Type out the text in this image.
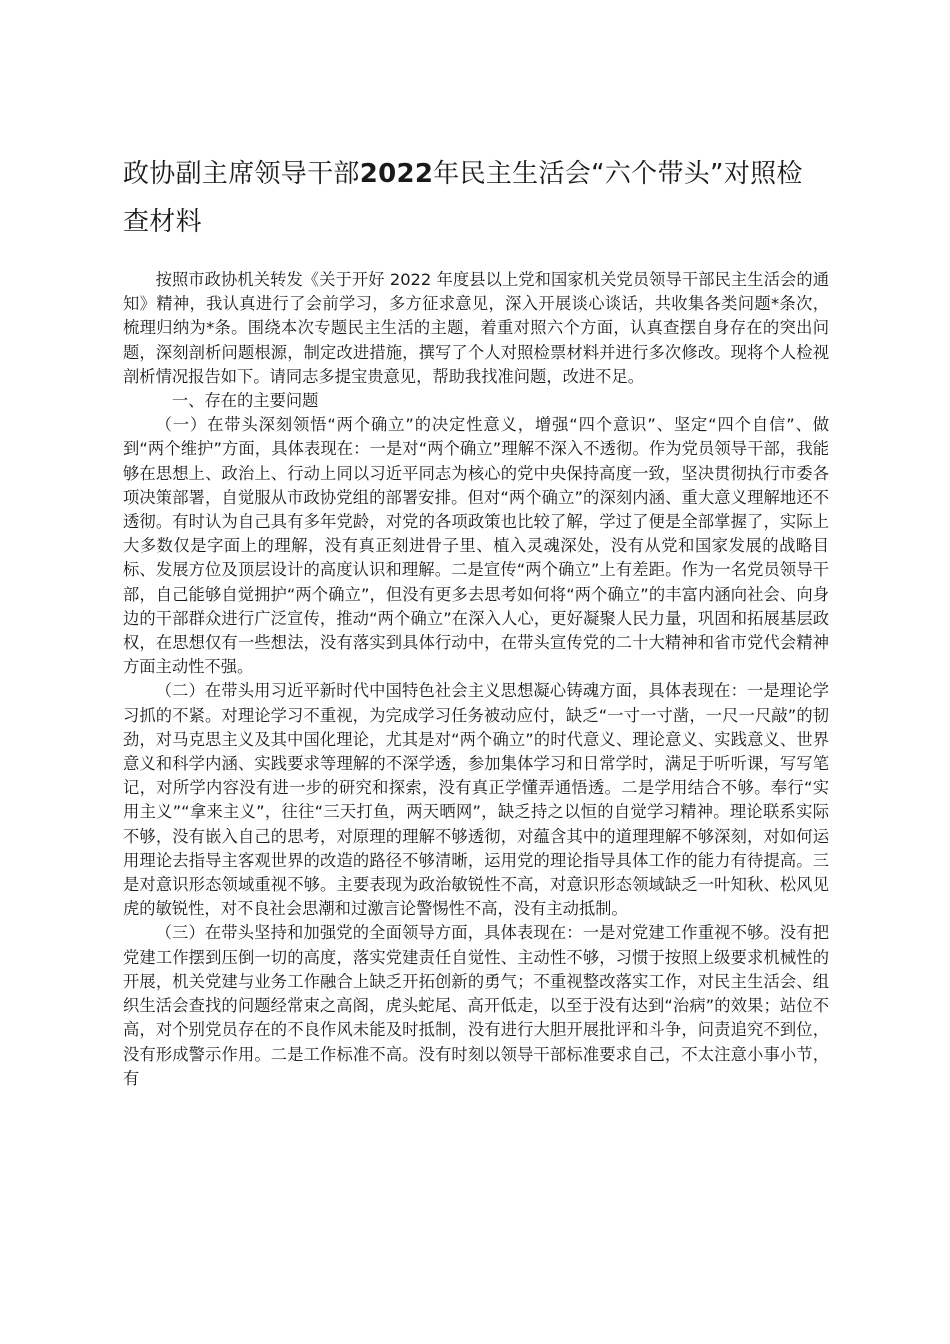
政协副主席领导干部2022年民主生活会“六个带头”对照检查材料

按照市政协机关转发《关于开好 2022 年度县以上党和国家机关党员领导干部民主生活会的通知》精神，我认真进行了会前学习，多方征求意见，深入开展谈心谈话，共收集各类问题*条次，梳理归纳为*条。围绕本次专题民主生活的主题，着重对照六个方面，认真查摆自身存在的突出问题，深刻剖析问题根源，制定改进措施，撰写了个人对照检票材料并进行多次修改。现将个人检视剖析情况报告如下。请同志多提宝贵意见，帮助我找准问题，改进不足。

一、存在的主要问题

（一）在带头深刻领悟“两个确立”的决定性意义，增强“四个意识”、坚定“四个自信”、做到“两个维护”方面，具体表现在：一是对“两个确立”理解不深入不透彻。作为党员领导干部，我能够在思想上、政治上、行动上同以习近平同志为核心的党中央保持高度一致，坚决贯彻执行市委各项决策部署，自觉服从市政协党组的部署安排。但对“两个确立”的深刻内涵、重大意义理解地还不透彻。有时认为自己具有多年党龄，对党的各项政策也比较了解，学过了便是全部掌握了，实际上大多数仅是字面上的理解，没有真正刻进骨子里、植入灵魂深处，没有从党和国家发展的战略目标、发展方位及顶层设计的高度认识和理解。二是宣传“两个确立”上有差距。作为一名党员领导干部，自己能够自觉拥护“两个确立”，但没有更多去思考如何将“两个确立”的丰富内涵向社会、向身边的干部群众进行广泛宣传，推动“两个确立”在深入人心，更好凝聚人民力量，巩固和拓展基层政权，在思想仅有一些想法，没有落实到具体行动中，在带头宣传党的二十大精神和省市党代会精神方面主动性不强。

（二）在带头用习近平新时代中国特色社会主义思想凝心铸魂方面，具体表现在：一是理论学习抓的不紧。对理论学习不重视，为完成学习任务被动应付，缺乏“一寸一寸凿，一尺一尺敲”的韧劲，对马克思主义及其中国化理论，尤其是对“两个确立”的时代意义、理论意义、实践意义、世界意义和科学内涵、实践要求等理解的不深学透，参加集体学习和日常学时，满足于听听课，写写笔记，对所学内容没有进一步的研究和探索，没有真正学懂弄通悟透。二是学用结合不够。奉行“实用主义”“拿来主义”，往往“三天打鱼，两天晒网”，缺乏持之以恒的自觉学习精神。理论联系实际不够，没有嵌入自己的思考，对原理的理解不够透彻，对蕴含其中的道理理解不够深刻，对如何运用理论去指导主客观世界的改造的路径不够清晰，运用党的理论指导具体工作的能力有待提高。三是对意识形态领域重视不够。主要表现为政治敏锐性不高，对意识形态领域缺乏一叶知秋、松风见虎的敏锐性，对不良社会思潮和过激言论警惕性不高，没有主动抵制。

（三）在带头坚持和加强党的全面领导方面，具体表现在：一是对党建工作重视不够。没有把党建工作摆到压倒一切的高度，落实党建责任自觉性、主动性不够，习惯于按照上级要求机械性的开展，机关党建与业务工作融合上缺乏开拓创新的勇气；不重视整改落实工作，对民主生活会、组织生活会查找的问题经常束之高阁，虎头蛇尾、高开低走，以至于没有达到“治病”的效果；站位不高，对个别党员存在的不良作风未能及时抵制，没有进行大胆开展批评和斗争，问责追究不到位，没有形成警示作用。二是工作标准不高。没有时刻以领导干部标准要求自己，不太注意小事小节，有
